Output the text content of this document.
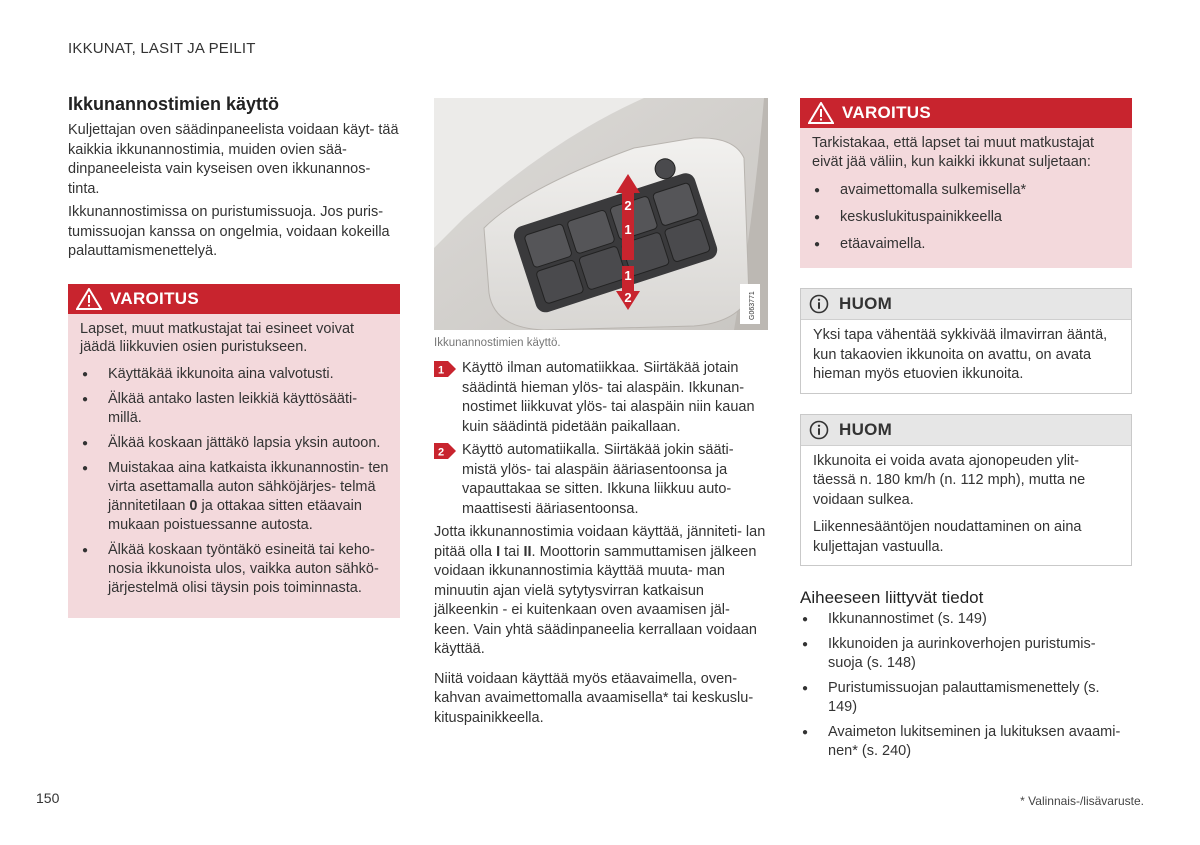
IKKUNAT, LASIT JA PEILIT
Ikkunannostimien käyttö

Kuljettajan oven säädinpaneelista voidaan käyt- tää kaikkia ikkunannostimia, muiden ovien sää- dinpaneeleista vain kyseisen oven ikkunannos- tinta.

Ikkunannostimissa on puristumissuoja. Jos puris- tumissuojan kanssa on ongelmia, voidaan kokeilla palauttamismenettelyä.

VAROITUS

Lapset, muut matkustajat tai esineet voivat jäädä liikkuvien osien puristukseen.

● Käyttäkää ikkunoita aina valvotusti.
● Älkää antako lasten leikkiä käyttösääti- millä.
● Älkää koskaan jättäkö lapsia yksin autoon.
● Muistakaa aina katkaista ikkunannostin- ten virta asettamalla auton sähköjärjes- telmä jännitetilaan 0 ja ottakaa sitten etäavain mukaan poistuessanne autosta.
● Älkää koskaan työntäkö esineitä tai keho- nosia ikkunoista ulos, vaikka auton sähkö- järjestelmä olisi täysin pois toiminnasta.
2
1
1
2	G063771
Ikkunannostimien käyttö.
1 Käyttö ilman automatiikkaa. Siirtäkää jotain säädintä hieman ylös- tai alaspäin. Ikkunan- nostimet liikkuvat ylös- tai alaspäin niin kauan kuin säädintä pidetään paikallaan.

2 Käyttö automatiikalla. Siirtäkää jokin sääti- mistä ylös- tai alaspäin ääriasentoonsa ja vapauttakaa se sitten. Ikkuna liikkuu auto- maattisesti ääriasentoonsa.

Jotta ikkunannostimia voidaan käyttää, jänniteti- lan pitää olla I tai II. Moottorin sammuttamisen jälkeen voidaan ikkunannostimia käyttää muuta- man minuutin ajan vielä sytytysvirran katkaisun jälkeenkin - ei kuitenkaan oven avaamisen jäl- keen. Vain yhtä säädinpaneelia kerrallaan voidaan käyttää.

Niitä voidaan käyttää myös etäavaimella, oven- kahvan avaimettomalla avaamisella* tai keskuslu- kituspainikkeella.

VAROITUS

Tarkistakaa, että lapset tai muut matkustajat eivät jää väliin, kun kaikki ikkunat suljetaan:

● avaimettomalla sulkemisella*
● keskuslukituspainikkeella
● etäavaimella.
HUOM

Yksi tapa vähentää sykkivää ilmavirran ääntä, kun takaovien ikkunoita on avattu, on avata hieman myös etuovien ikkunoita.

HUOM

Ikkunoita ei voida avata ajonopeuden ylit- täessä n. 180 km/h (n. 112 mph), mutta ne voidaan sulkea.

Liikennesääntöjen noudattaminen on aina kuljettajan vastuulla.

Aiheeseen liittyvät tiedot
● Ikkunannostimet (s. 149)
● Ikkunoiden ja aurinkoverhojen puristumis- suoja (s. 148)
● Puristumissuojan palauttamismenettely (s. 149)
● Avaimeton lukitseminen ja lukituksen avaami- nen* (s. 240)
150	* Valinnais-/lisävaruste.
